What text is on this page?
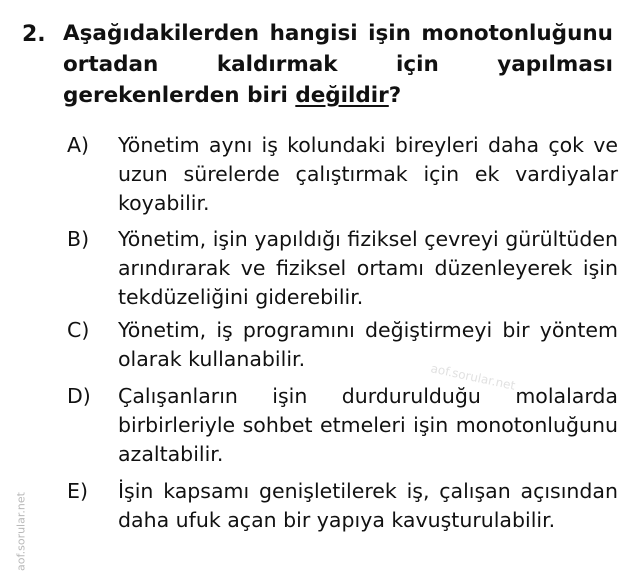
2. Aşağıdakilerden hangisi işin monotonluğunu ortadan kaldırmak için yapılması gerekenlerden biri değildir?
A) Yönetim aynı iş kolundaki bireyleri daha çok ve uzun sürelerde çalıştırmak için ek vardiyalar koyabilir.
B) Yönetim, işin yapıldığı fiziksel çevreyi gürültüden arındırarak ve fiziksel ortamı düzenleyerek işin tekdüzeliğini giderebilir.
C) Yönetim, iş programını değiştirmeyi bir yöntem olarak kullanabilir.
D) Çalışanların işin durdurulduğu molalarda birbirleriyle sohbet etmeleri işin monotonluğunu azaltabilir.
E) İşin kapsamı genişletilerek iş, çalışan açısından daha ufuk açan bir yapıya kavuşturulabilir.
aof.sorular.net
aof.sorular.net
